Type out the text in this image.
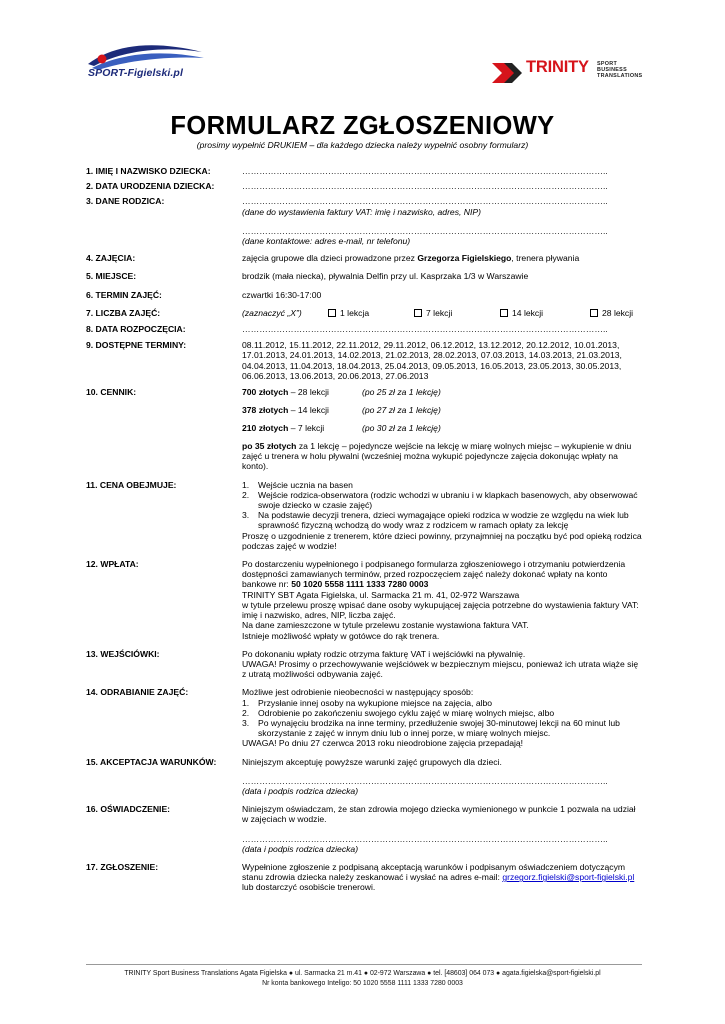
SPORT-Figielski.pl	TRINITY SPORT
BUSINESS
TRANSLATIONS
FORMULARZ ZGŁOSZENIOWY
(prosimy wypełnić DRUKIEM – dla każdego dziecka należy wypełnić osobny formularz)
1. IMIĘ I NAZWISKO DZIECKA:	………………………………………………………………………………………………………………..
2. DATA URODZENIA DZIECKA:	………………………………………………………………………………………………………………..
3. DANE RODZICA:	………………………………………………………………………………………………………………..
(dane do wystawienia faktury VAT: imię i nazwisko, adres, NIP)
………………………………………………………………………………………………………………..
(dane kontaktowe: adres e-mail, nr telefonu)
4. ZAJĘCIA:	zajęcia grupowe dla dzieci prowadzone przez Grzegorza Figielskiego, trenera pływania
5. MIEJSCE:	brodzik (mała niecka), pływalnia Delfin przy ul. Kasprzaka 1/3 w Warszawie
6. TERMIN ZAJĘĆ:	czwartki 16:30-17:00
7. LICZBA ZAJĘĆ:	(zaznaczyć „X”)	1 lekcja	7 lekcji	14 lekcji	28 lekcji
8. DATA ROZPOCZĘCIA:	………………………………………………………………………………………………………………..
9. DOSTĘPNE TERMINY:	08.11.2012, 15.11.2012, 22.11.2012, 29.11.2012, 06.12.2012, 13.12.2012, 20.12.2012, 10.01.2013, 17.01.2013, 24.01.2013, 14.02.2013, 21.02.2013, 28.02.2013, 07.03.2013, 14.03.2013, 21.03.2013, 04.04.2013, 11.04.2013, 18.04.2013, 25.04.2013, 09.05.2013, 16.05.2013, 23.05.2013, 30.05.2013, 06.06.2013, 13.06.2013, 20.06.2013, 27.06.2013
10. CENNIK:	700 złotych – 28 lekcji	(po 25 zł za 1 lekcję)
378 złotych – 14 lekcji	(po 27 zł za 1 lekcję)
210 złotych – 7 lekcji	(po 30 zł za 1 lekcję)
po 35 złotych za 1 lekcję – pojedyncze wejście na lekcję w miarę wolnych miejsc – wykupienie w dniu zajęć u trenera w holu pływalni (wcześniej można wykupić pojedyncze zajęcia dokonując wpłaty na konto).
11. CENA OBEJMUJE:	1. Wejście ucznia na basen
2. Wejście rodzica-obserwatora (rodzic wchodzi w ubraniu i w klapkach basenowych, aby obserwować swoje dziecko w czasie zajęć)
3. Na podstawie decyzji trenera, dzieci wymagające opieki rodzica w wodzie ze względu na wiek lub sprawność fizyczną wchodzą do wody wraz z rodzicem w ramach opłaty za lekcję
Proszę o uzgodnienie z trenerem, które dzieci powinny, przynajmniej na początku być pod opieką rodzica podczas zajęć w wodzie!
12. WPŁATA:	Po dostarczeniu wypełnionego i podpisanego formularza zgłoszeniowego i otrzymaniu potwierdzenia dostępności zamawianych terminów, przed rozpoczęciem zajęć należy dokonać wpłaty na konto bankowe nr: 50 1020 5558 1111 1333 7280 0003
TRINITY SBT Agata Figielska, ul. Sarmacka 21 m. 41, 02-972 Warszawa
w tytule przelewu proszę wpisać dane osoby wykupującej zajęcia potrzebne do wystawienia faktury VAT: imię i nazwisko, adres, NIP, liczba zajęć.
Na dane zamieszczone w tytule przelewu zostanie wystawiona faktura VAT.
Istnieje możliwość wpłaty w gotówce do rąk trenera.
13. WEJŚCIÓWKI:	Po dokonaniu wpłaty rodzic otrzyma fakturę VAT i wejściówki na pływalnię.
UWAGA! Prosimy o przechowywanie wejściówek w bezpiecznym miejscu, ponieważ ich utrata wiąże się z utratą możliwości odbywania zajęć.
14. ODRABIANIE ZAJĘĆ:	Możliwe jest odrobienie nieobecności w następujący sposób:
1. Przysłanie innej osoby na wykupione miejsce na zajęcia, albo
2. Odrobienie po zakończeniu swojego cyklu zajęć w miarę wolnych miejsc, albo
3. Po wynajęciu brodzika na inne terminy, przedłużenie swojej 30-minutowej lekcji na 60 minut lub skorzystanie z zajęć w innym dniu lub o innej porze, w miarę wolnych miejsc.
UWAGA! Po dniu 27 czerwca 2013 roku nieodrobione zajęcia przepadają!
15. AKCEPTACJA WARUNKÓW:	Niniejszym akceptuję powyższe warunki zajęć grupowych dla dzieci.
………………………………………………………………………………………………………………..
(data i podpis rodzica dziecka)
16. OŚWIADCZENIE:	Niniejszym oświadczam, że stan zdrowia mojego dziecka wymienionego w punkcie 1 pozwala na udział w zajęciach w wodzie.
………………………………………………………………………………………………………………..
(data i podpis rodzica dziecka)
17. ZGŁOSZENIE:	Wypełnione zgłoszenie z podpisaną akceptacją warunków i podpisanym oświadczeniem dotyczącym stanu zdrowia dziecka należy zeskanować i wysłać na adres e-mail: grzegorz.figielski@sport-figielski.pl lub dostarczyć osobiście trenerowi.
TRINITY Sport Business Translations Agata Figielska ● ul. Sarmacka 21 m.41 ● 02-972 Warszawa ● tel. [48603] 064 073 ● agata.figielska@sport-figielski.pl
Nr konta bankowego Inteligo: 50 1020 5558 1111 1333 7280 0003
